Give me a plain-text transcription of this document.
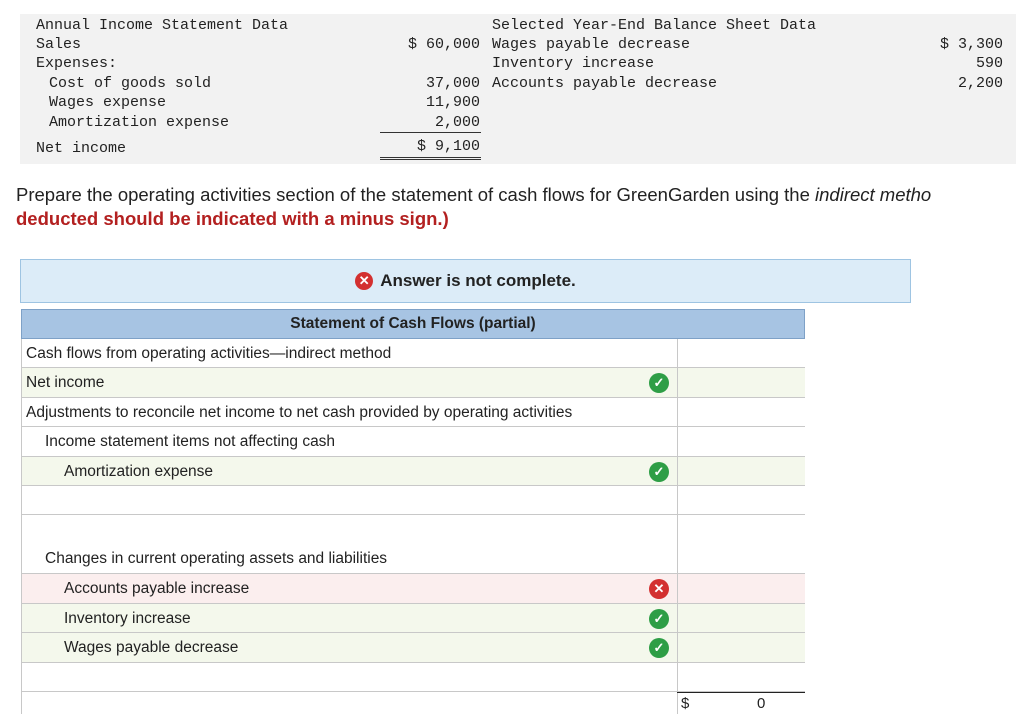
Annual Income Statement Data
Sales	$ 60,000
Expenses:
Cost of goods sold	37,000
Wages expense	11,900
Amortization expense	2,000
Net income	$ 9,100
Selected Year-End Balance Sheet Data
Wages payable decrease	$ 3,300
Inventory increase	590
Accounts payable decrease	2,200
Prepare the operating activities section of the statement of cash flows for GreenGarden using the indirect metho
deducted should be indicated with a minus sign.)
✕ Answer is not complete.
Statement of Cash Flows (partial)
Cash flows from operating activities—indirect method
Net income	✓
Adjustments to reconcile net income to net cash provided by operating activities
Income statement items not affecting cash
Amortization expense	✓
Changes in current operating assets and liabilities
Accounts payable increase	✕
Inventory increase	✓
Wages payable decrease	✓
$	0
